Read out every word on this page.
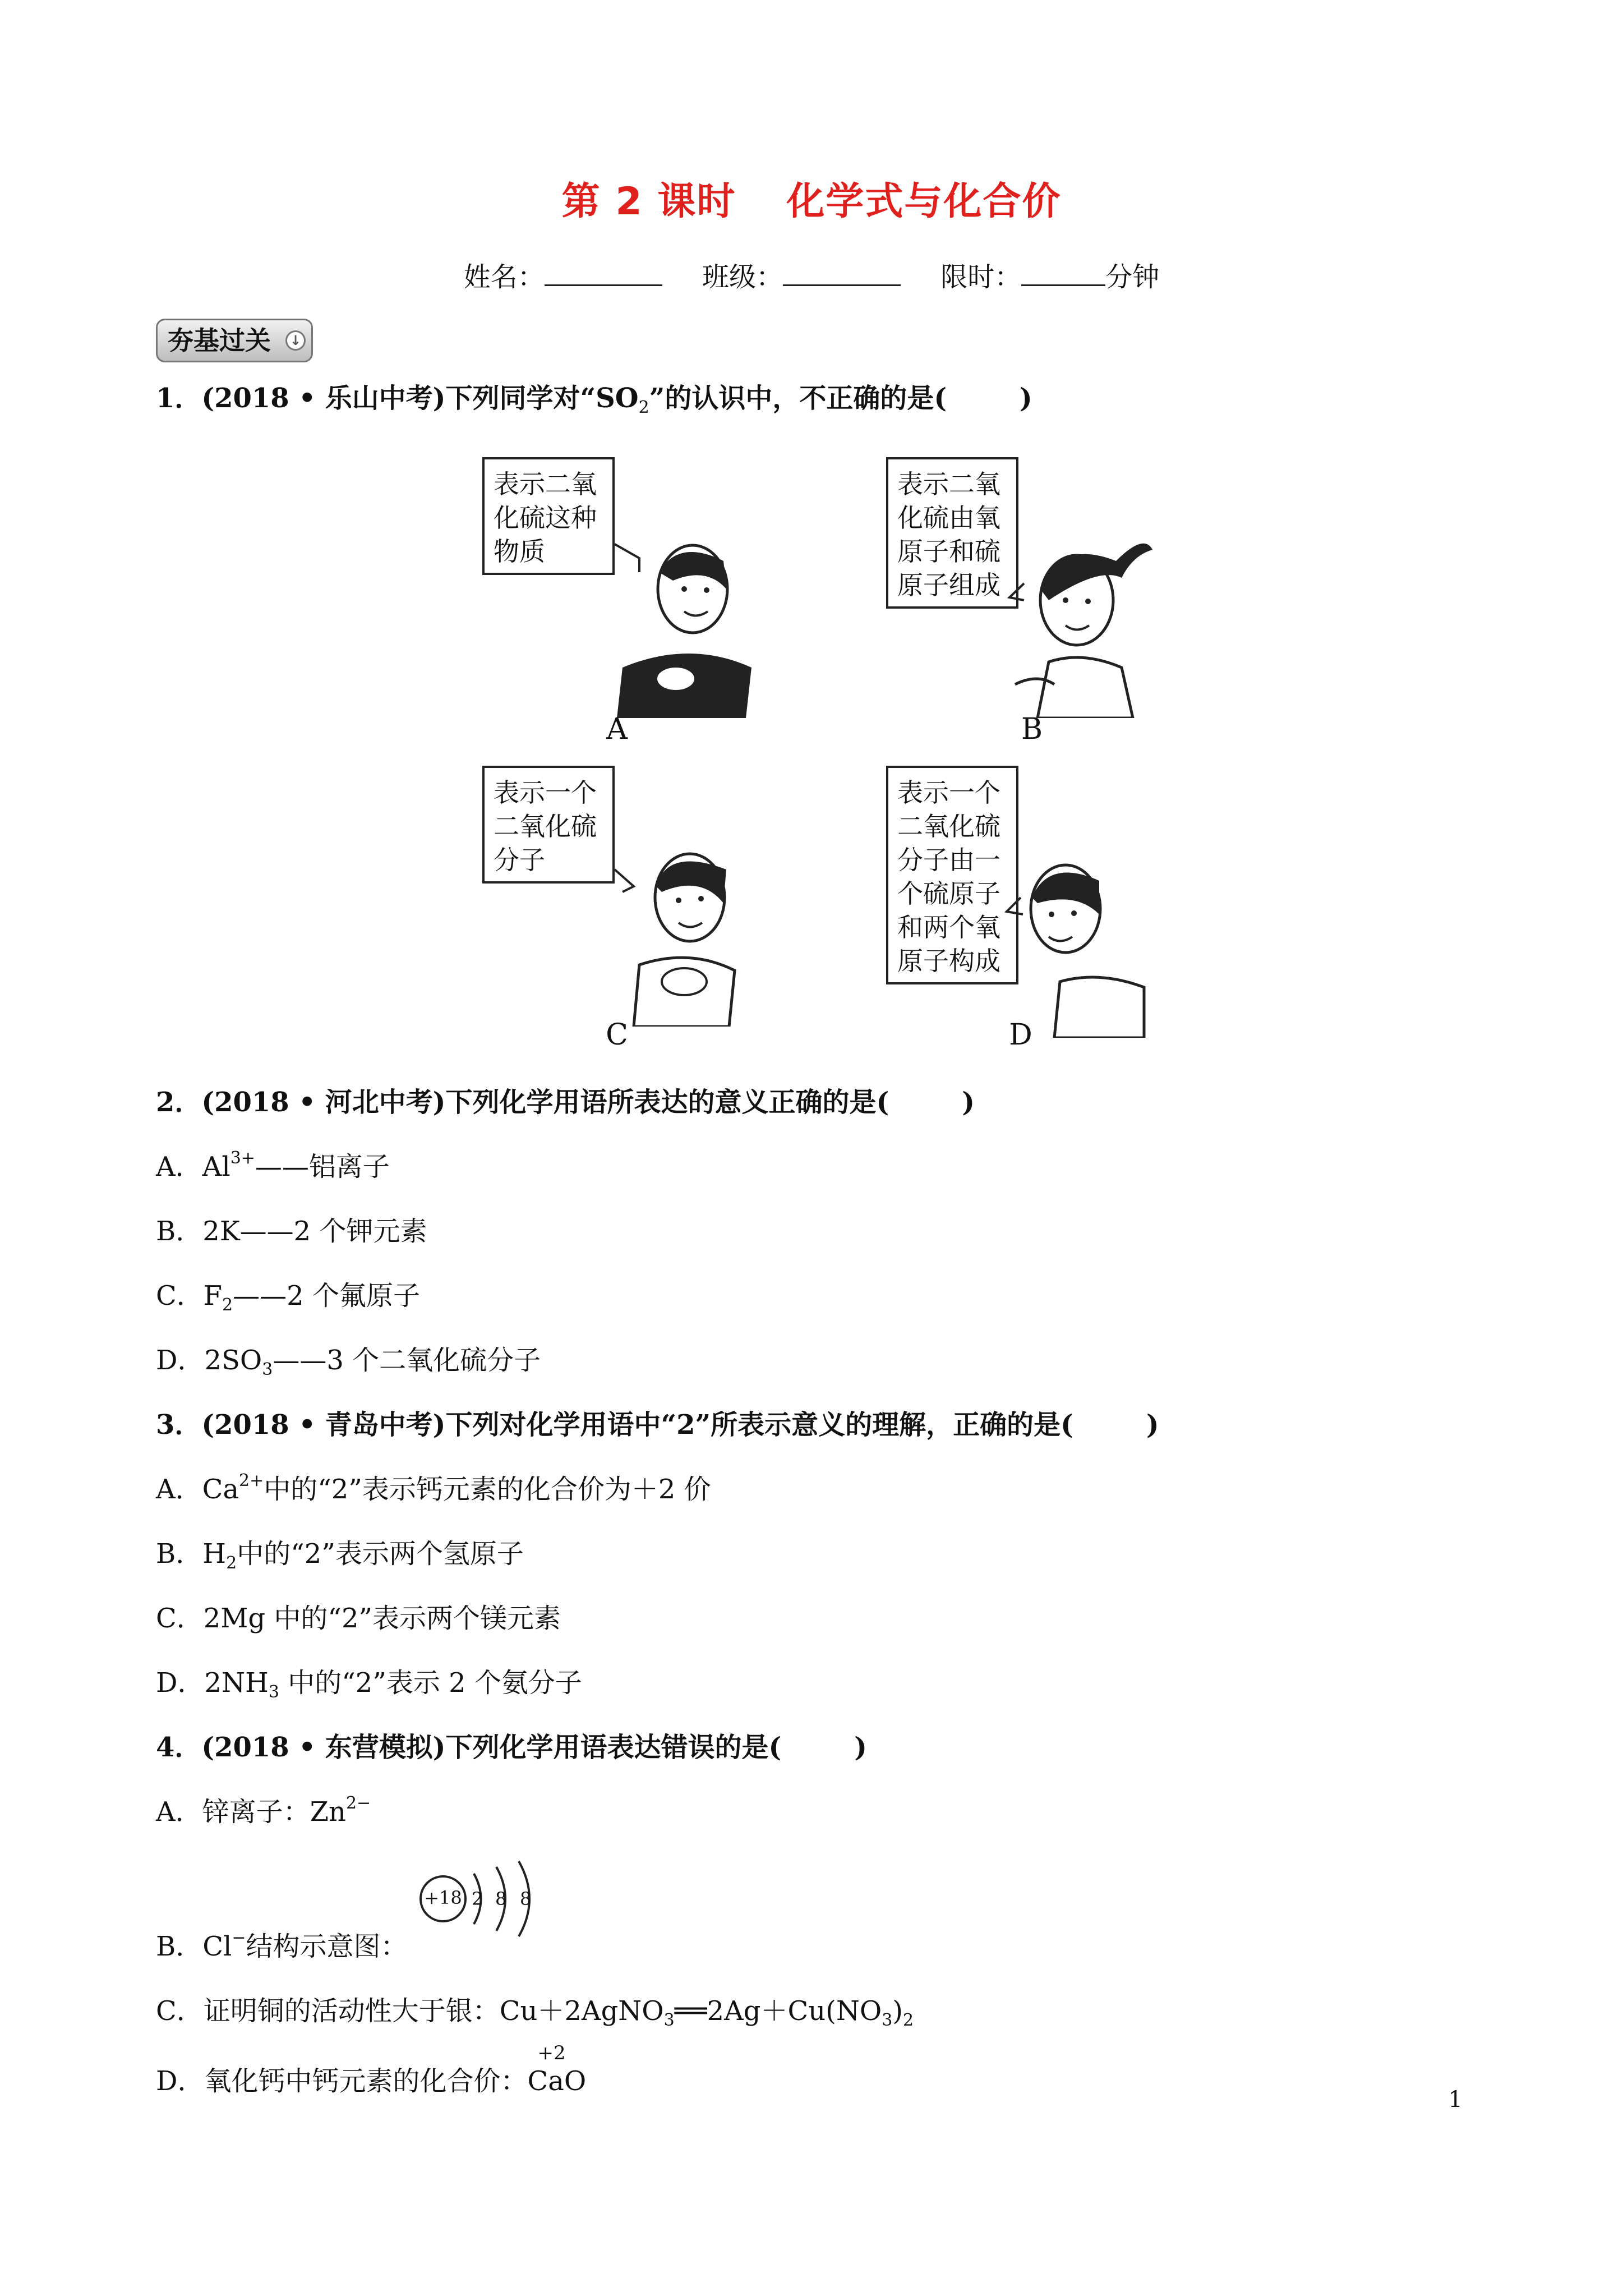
第 2 课时 化学式与化合价
姓名：	班级：	限时：	分钟
夯基过关	↓
1．(2018 • 乐山中考)下列同学对“$SO_2$”的认识中，不正确的是(	)
表示二氧
化硫这种
物质
表示二氧
化硫由氧
原子和硫
原子组成
表示一个
二氧化硫
分子
表示一个
二氧化硫
分子由一
个硫原子
和两个氧
原子构成
A	B
C	D
2．(2018 • 河北中考)下列化学用语所表达的意义正确的是(	)
A．$Al^{3+}——$铝离子
B．2K——2 个钾元素
C．$F_2——2$ 个氟原子
D．$2SO_3——3$ 个二氧化硫分子
3．(2018 • 青岛中考)下列对化学用语中“2”所表示意义的理解，正确的是(	)
A．$Ca^{2+}$中的“2”表示钙元素的化合价为＋2 价
B．$H_2$中的“2”表示两个氢原子
C．2Mg 中的“2”表示两个镁元素
D．$2NH_3$ 中的“2”表示 2 个氨分子
4．(2018 • 东营模拟)下列化学用语表达错误的是(	)
A．锌离子：$Zn^{2-}$
B．Cl−结构示意图：
+18 2 8 8
C．证明铜的活动性大于银：$Cu+2AgNO_3══2Ag+Cu(NO_3)_2$
D．氧化钙中钙元素的化合价：
+2
CaO
1
